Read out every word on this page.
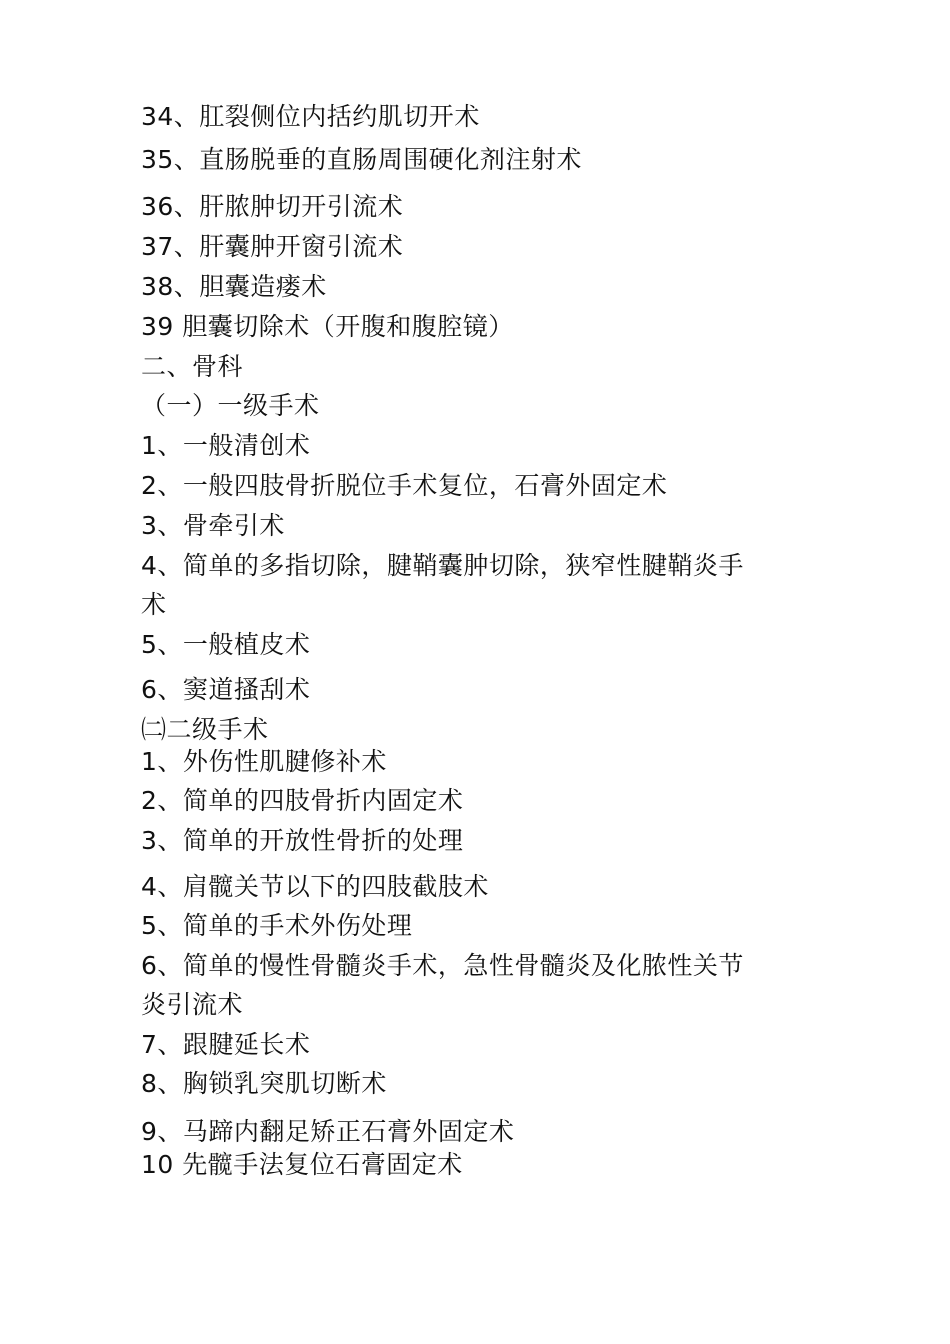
34、肛裂侧位内括约肌切开术
35、直肠脱垂的直肠周围硬化剂注射术
36、肝脓肿切开引流术
37、肝囊肿开窗引流术
38、胆囊造瘘术
39 胆囊切除术（开腹和腹腔镜）
二、骨科
（一）一级手术
1、一般清创术
2、一般四肢骨折脱位手术复位，石膏外固定术
3、骨牵引术
4、简单的多指切除，腱鞘囊肿切除，狭窄性腱鞘炎手
术
5、一般植皮术
6、窦道搔刮术
㈡二级手术
1、外伤性肌腱修补术
2、简单的四肢骨折内固定术
3、简单的开放性骨折的处理
4、肩髋关节以下的四肢截肢术
5、简单的手术外伤处理
6、简单的慢性骨髓炎手术，急性骨髓炎及化脓性关节
炎引流术
7、跟腱延长术
8、胸锁乳突肌切断术
9、马蹄内翻足矫正石膏外固定术
10 先髋手法复位石膏固定术
